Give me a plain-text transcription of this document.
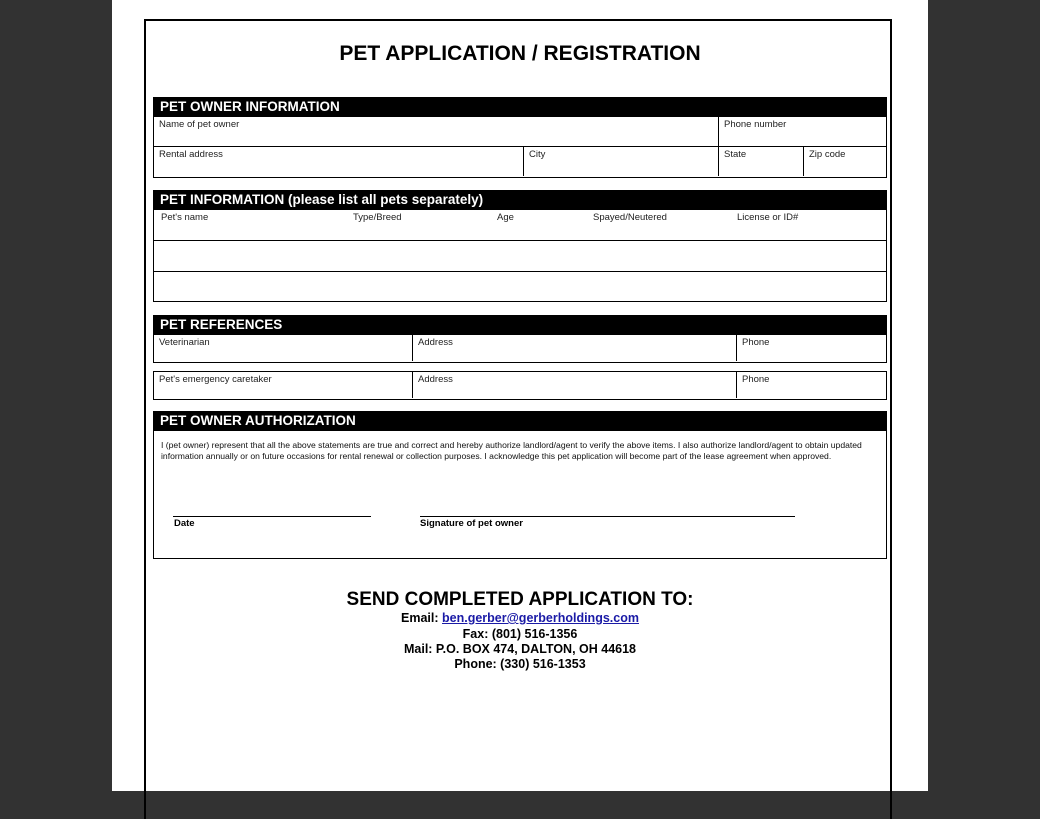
PET APPLICATION / REGISTRATION
PET OWNER INFORMATION
Name of pet owner	Phone number
Rental address	City	State	Zip code
PET INFORMATION (please list all pets separately)
Pet's name	Type/Breed	Age	Spayed/Neutered	License or ID#
PET REFERENCES
Veterinarian	Address	Phone
Pet's emergency caretaker	Address	Phone
PET OWNER AUTHORIZATION
I (pet owner) represent that all the above statements are true and correct and hereby authorize landlord/agent to verify the above items. I also authorize landlord/agent to obtain updated information annually or on future occasions for rental renewal or collection purposes. I acknowledge this pet application will become part of the lease agreement when approved.
Date	Signature of pet owner
SEND COMPLETED APPLICATION TO:
Email: ben.gerber@gerberholdings.com
Fax: (801) 516-1356
Mail: P.O. BOX 474, DALTON, OH 44618
Phone: (330) 516-1353
